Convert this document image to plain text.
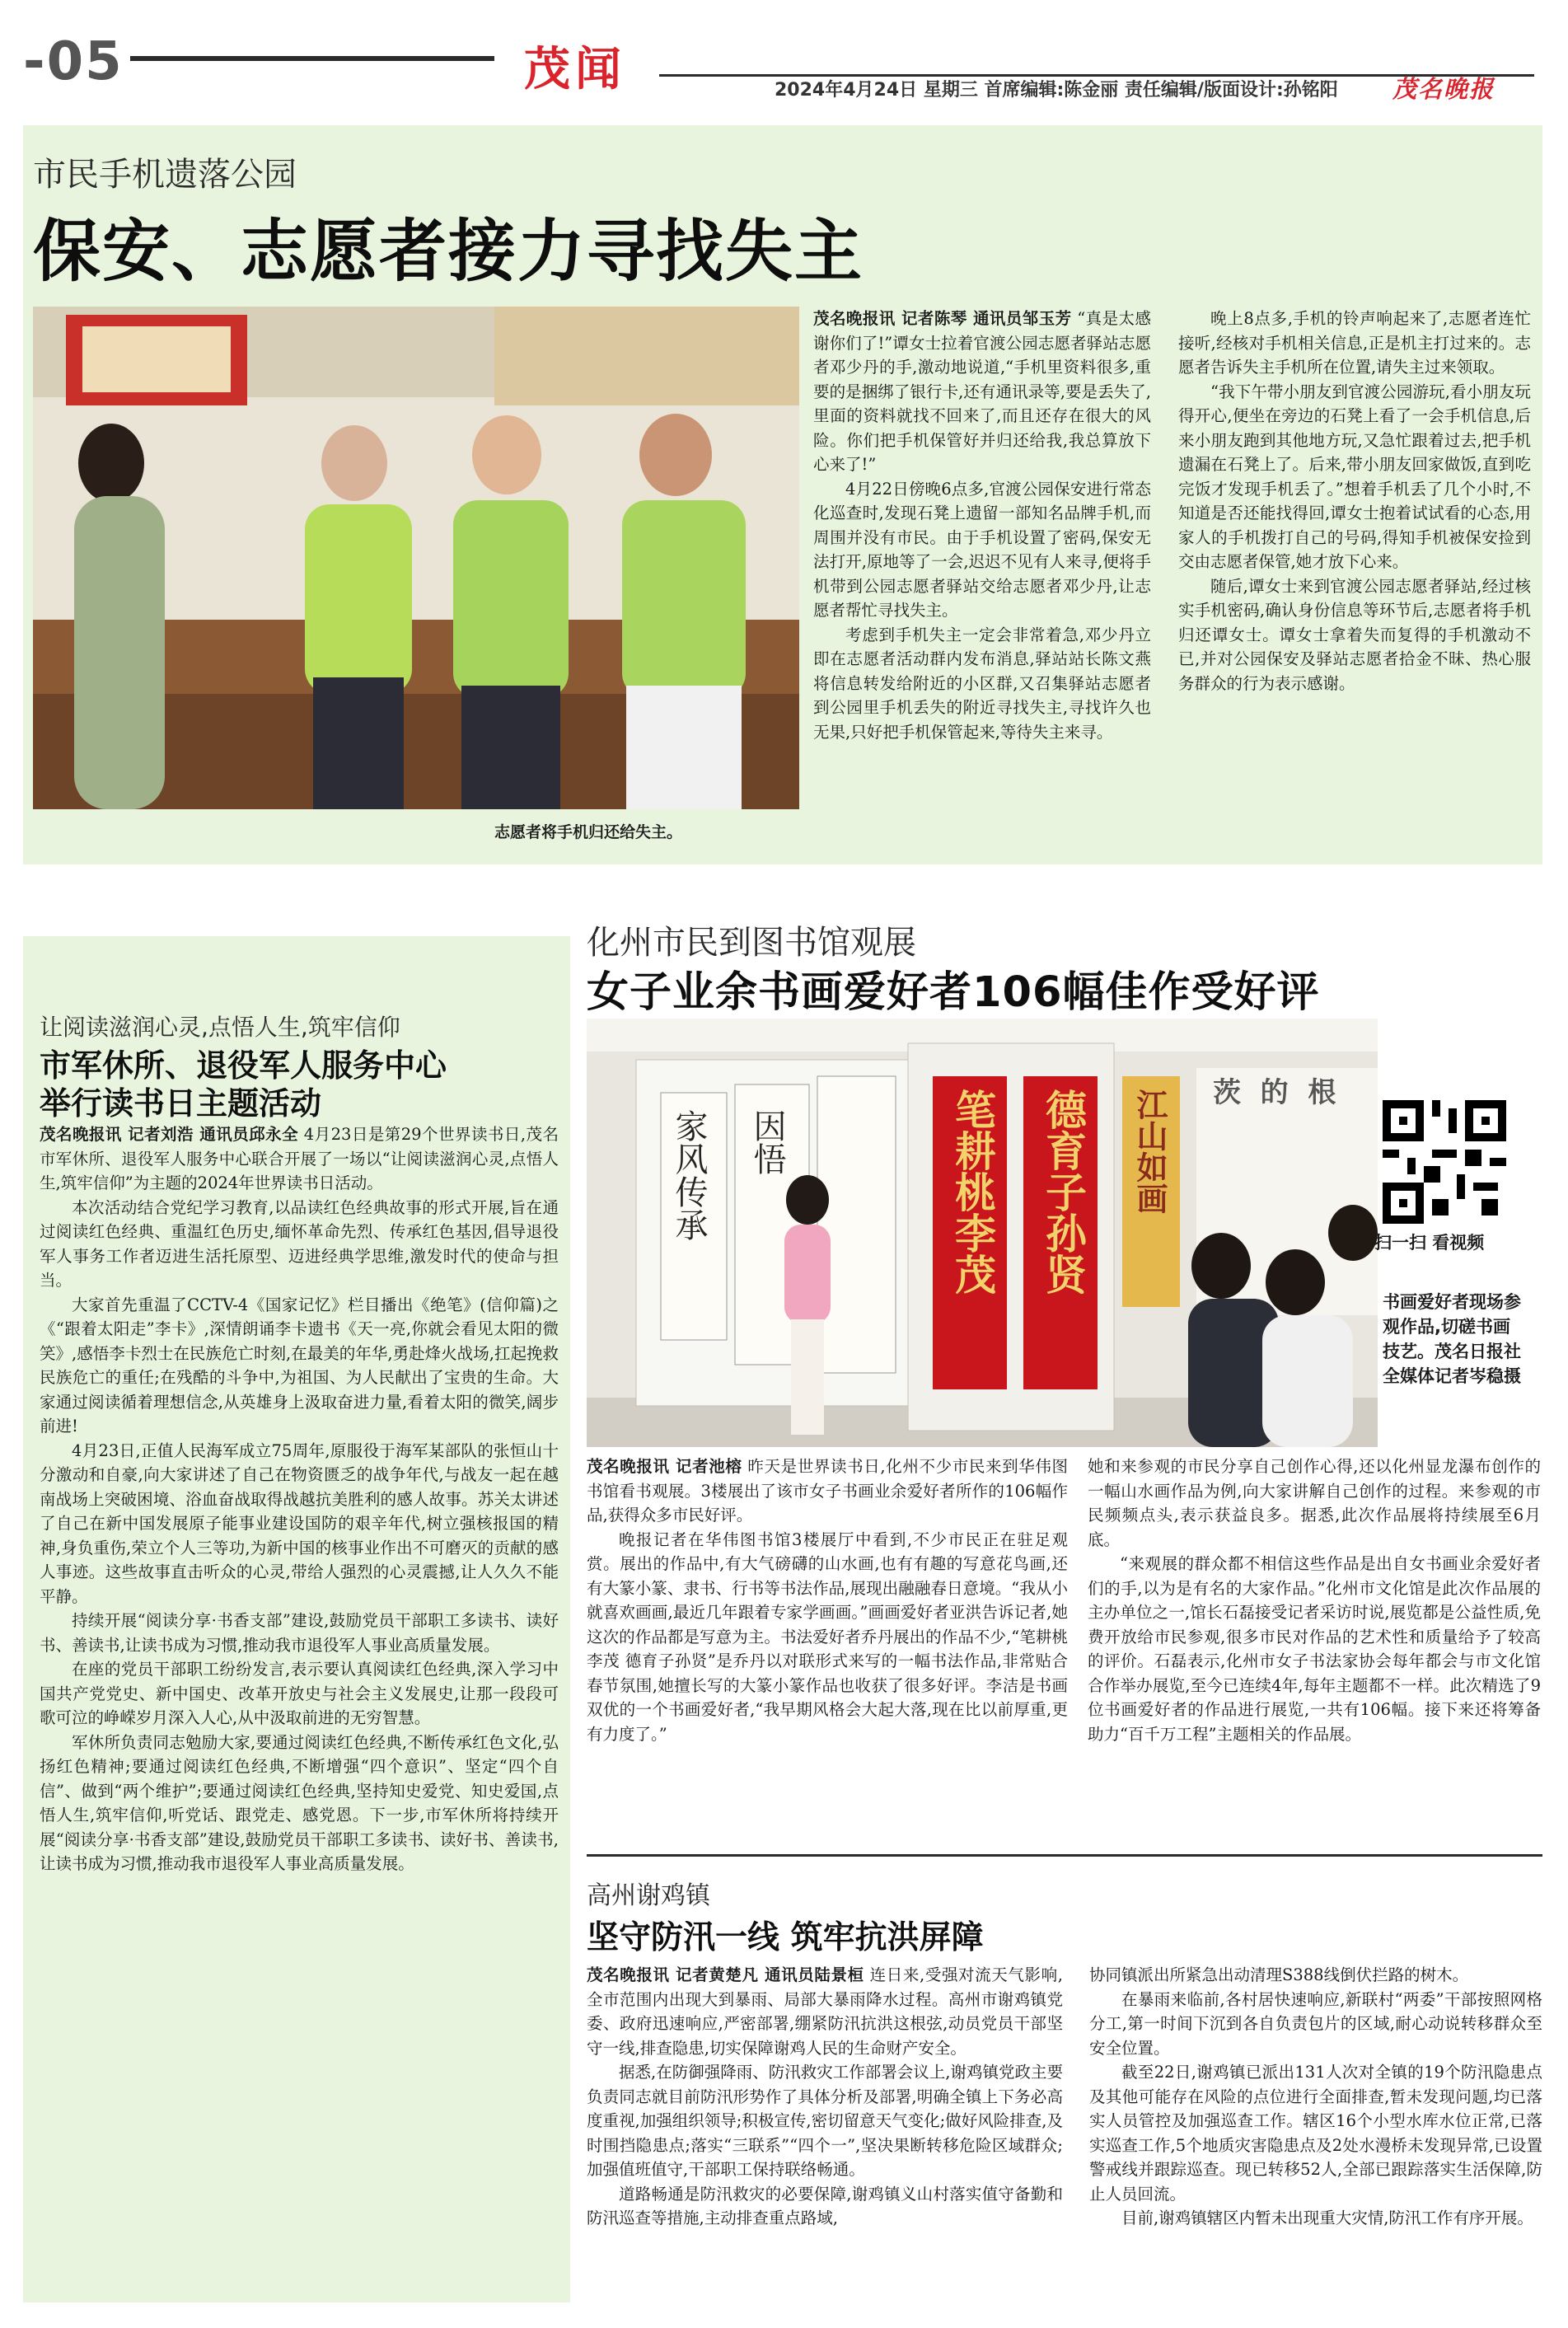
-05	茂闻	2024年4月24日 星期三 首席编辑:陈金丽 责任编辑/版面设计:孙铭阳 茂名晚报
市民手机遗落公园
保安、志愿者接力寻找失主
志愿者将手机归还给失主。

茂名晚报讯 记者陈琴 通讯员邹玉芳 “真是太感谢你们了!”谭女士拉着官渡公园志愿者驿站志愿者邓少丹的手,激动地说道,“手机里资料很多,重要的是捆绑了银行卡,还有通讯录等,要是丢失了,里面的资料就找不回来了,而且还存在很大的风险。你们把手机保管好并归还给我,我总算放下心来了!”

4月22日傍晚6点多,官渡公园保安进行常态化巡查时,发现石凳上遗留一部知名品牌手机,而周围并没有市民。由于手机设置了密码,保安无法打开,原地等了一会,迟迟不见有人来寻,便将手机带到公园志愿者驿站交给志愿者邓少丹,让志愿者帮忙寻找失主。

考虑到手机失主一定会非常着急,邓少丹立即在志愿者活动群内发布消息,驿站站长陈文燕将信息转发给附近的小区群,又召集驿站志愿者到公园里手机丢失的附近寻找失主,寻找许久也无果,只好把手机保管起来,等待失主来寻。

晚上8点多,手机的铃声响起来了,志愿者连忙接听,经核对手机相关信息,正是机主打过来的。志愿者告诉失主手机所在位置,请失主过来领取。

“我下午带小朋友到官渡公园游玩,看小朋友玩得开心,便坐在旁边的石凳上看了一会手机信息,后来小朋友跑到其他地方玩,又急忙跟着过去,把手机遗漏在石凳上了。后来,带小朋友回家做饭,直到吃完饭才发现手机丢了。”想着手机丢了几个小时,不知道是否还能找得回,谭女士抱着试试看的心态,用家人的手机拨打自己的号码,得知手机被保安捡到交由志愿者保管,她才放下心来。

随后,谭女士来到官渡公园志愿者驿站,经过核实手机密码,确认身份信息等环节后,志愿者将手机归还谭女士。谭女士拿着失而复得的手机激动不已,并对公园保安及驿站志愿者拾金不昧、热心服务群众的行为表示感谢。

让阅读滋润心灵,点悟人生,筑牢信仰
市军休所、退役军人服务中心
举行读书日主题活动

茂名晚报讯 记者刘浩 通讯员邱永全 4月23日是第29个世界读书日,茂名市军休所、退役军人服务中心联合开展了一场以“让阅读滋润心灵,点悟人生,筑牢信仰”为主题的2024年世界读书日活动。

本次活动结合党纪学习教育,以品读红色经典故事的形式开展,旨在通过阅读红色经典、重温红色历史,缅怀革命先烈、传承红色基因,倡导退役军人事务工作者迈进生活托原型、迈进经典学思维,激发时代的使命与担当。

大家首先重温了CCTV-4《国家记忆》栏目播出《绝笔》(信仰篇)之《“跟着太阳走”李卡》,深情朗诵李卡遗书《天一亮,你就会看见太阳的微笑》,感悟李卡烈士在民族危亡时刻,在最美的年华,勇赴烽火战场,扛起挽救民族危亡的重任;在残酷的斗争中,为祖国、为人民献出了宝贵的生命。大家通过阅读循着理想信念,从英雄身上汲取奋进力量,看着太阳的微笑,阔步前进!

4月23日,正值人民海军成立75周年,原服役于海军某部队的张恒山十分激动和自豪,向大家讲述了自己在物资匮乏的战争年代,与战友一起在越南战场上突破困境、浴血奋战取得战越抗美胜利的感人故事。苏关太讲述了自己在新中国发展原子能事业建设国防的艰辛年代,树立强核报国的精神,身负重伤,荣立个人三等功,为新中国的核事业作出不可磨灭的贡献的感人事迹。这些故事直击听众的心灵,带给人强烈的心灵震撼,让人久久不能平静。

持续开展“阅读分享·书香支部”建设,鼓励党员干部职工多读书、读好书、善读书,让读书成为习惯,推动我市退役军人事业高质量发展。

在座的党员干部职工纷纷发言,表示要认真阅读红色经典,深入学习中国共产党党史、新中国史、改革开放史与社会主义发展史,让那一段段可歌可泣的峥嵘岁月深入人心,从中汲取前进的无穷智慧。

军休所负责同志勉励大家,要通过阅读红色经典,不断传承红色文化,弘扬红色精神;要通过阅读红色经典,不断增强“四个意识”、坚定“四个自信”、做到“两个维护”;要通过阅读红色经典,坚持知史爱党、知史爱国,点悟人生,筑牢信仰,听党话、跟党走、感党恩。下一步,市军休所将持续开展“阅读分享·书香支部”建设,鼓励党员干部职工多读书、读好书、善读书,让读书成为习惯,推动我市退役军人事业高质量发展。

化州市民到图书馆观展
女子业余书画爱好者106幅佳作受好评
茨  的  根
笔耕桃李茂 德育子孙贤 江山如画
家风传承 因悟
扫一扫 看视频
书画爱好者现场参观作品,切磋书画技艺。茂名日报社全媒体记者岑稳摄

茂名晚报讯 记者池榕 昨天是世界读书日,化州不少市民来到华伟图书馆看书观展。3楼展出了该市女子书画业余爱好者所作的106幅作品,获得众多市民好评。

晚报记者在华伟图书馆3楼展厅中看到,不少市民正在驻足观赏。展出的作品中,有大气磅礴的山水画,也有有趣的写意花鸟画,还有大篆小篆、隶书、行书等书法作品,展现出融融春日意境。“我从小就喜欢画画,最近几年跟着专家学画画。”画画爱好者亚洪告诉记者,她这次的作品都是写意为主。书法爱好者乔丹展出的作品不少,“笔耕桃李茂 德育子孙贤”是乔丹以对联形式来写的一幅书法作品,非常贴合春节氛围,她擅长写的大篆小篆作品也收获了很多好评。李洁是书画双优的一个书画爱好者,“我早期风格会大起大落,现在比以前厚重,更有力度了。”

她和来参观的市民分享自己创作心得,还以化州显龙瀑布创作的一幅山水画作品为例,向大家讲解自己创作的过程。来参观的市民频频点头,表示获益良多。据悉,此次作品展将持续展至6月底。

“来观展的群众都不相信这些作品是出自女书画业余爱好者们的手,以为是有名的大家作品。”化州市文化馆是此次作品展的主办单位之一,馆长石磊接受记者采访时说,展览都是公益性质,免费开放给市民参观,很多市民对作品的艺术性和质量给予了较高的评价。石磊表示,化州市女子书法家协会每年都会与市文化馆合作举办展览,至今已连续4年,每年主题都不一样。此次精选了9位书画爱好者的作品进行展览,一共有106幅。接下来还将筹备助力“百千万工程”主题相关的作品展。

高州谢鸡镇
坚守防汛一线 筑牢抗洪屏障

茂名晚报讯 记者黄楚凡 通讯员陆景桓 连日来,受强对流天气影响,全市范围内出现大到暴雨、局部大暴雨降水过程。高州市谢鸡镇党委、政府迅速响应,严密部署,绷紧防汛抗洪这根弦,动员党员干部坚守一线,排查隐患,切实保障谢鸡人民的生命财产安全。

据悉,在防御强降雨、防汛救灾工作部署会议上,谢鸡镇党政主要负责同志就目前防汛形势作了具体分析及部署,明确全镇上下务必高度重视,加强组织领导;积极宣传,密切留意天气变化;做好风险排查,及时围挡隐患点;落实“三联系”“四个一”,坚决果断转移危险区域群众;加强值班值守,干部职工保持联络畅通。

道路畅通是防汛救灾的必要保障,谢鸡镇义山村落实值守备勤和防汛巡查等措施,主动排查重点路域,

协同镇派出所紧急出动清理S388线倒伏拦路的树木。

在暴雨来临前,各村居快速响应,新联村“两委”干部按照网格分工,第一时间下沉到各自负责包片的区域,耐心动说转移群众至安全位置。

截至22日,谢鸡镇已派出131人次对全镇的19个防汛隐患点及其他可能存在风险的点位进行全面排查,暂未发现问题,均已落实人员管控及加强巡查工作。辖区16个小型水库水位正常,已落实巡查工作,5个地质灾害隐患点及2处水漫桥未发现异常,已设置警戒线并跟踪巡查。现已转移52人,全部已跟踪落实生活保障,防止人员回流。

目前,谢鸡镇辖区内暂未出现重大灾情,防汛工作有序开展。
